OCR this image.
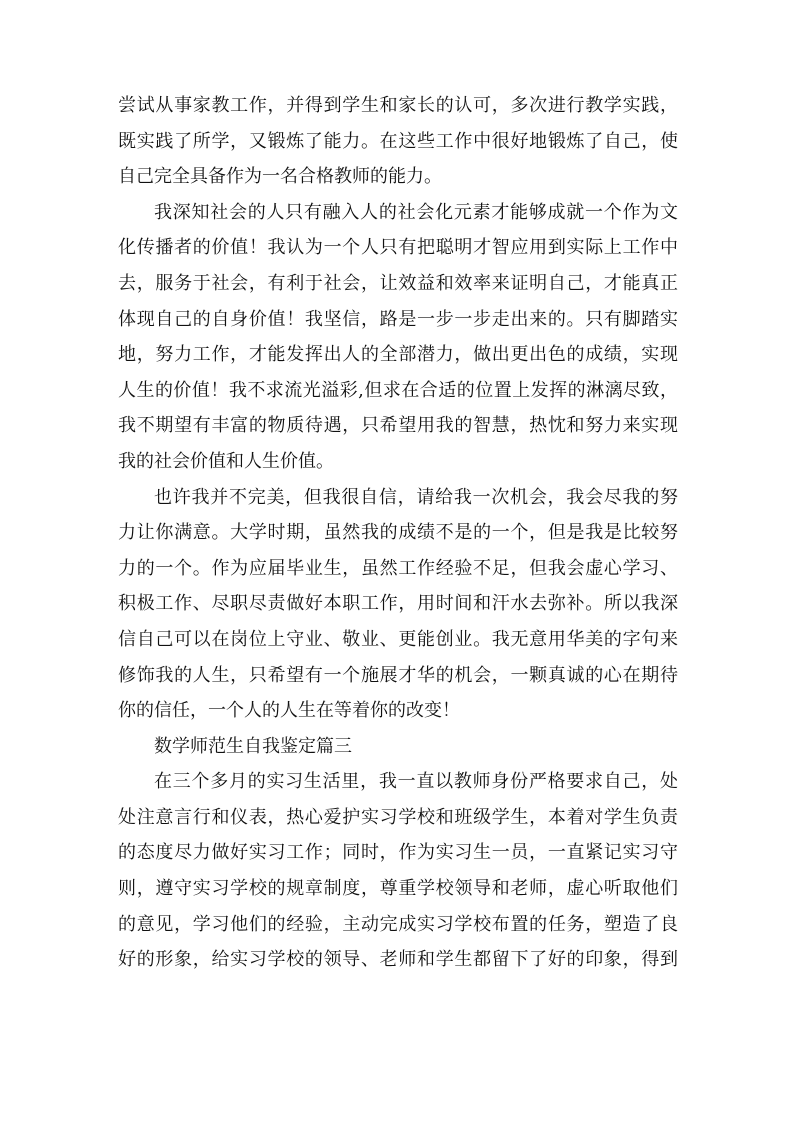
尝试从事家教工作，并得到学生和家长的认可，多次进行教学实践，
既实践了所学，又锻炼了能力。在这些工作中很好地锻炼了自己，使
自己完全具备作为一名合格教师的能力。
我深知社会的人只有融入人的社会化元素才能够成就一个作为文
化传播者的价值！我认为一个人只有把聪明才智应用到实际上工作中
去，服务于社会，有利于社会，让效益和效率来证明自己，才能真正
体现自己的自身价值！我坚信，路是一步一步走出来的。只有脚踏实
地，努力工作，才能发挥出人的全部潜力，做出更出色的成绩，实现
人生的价值！我不求流光溢彩,但求在合适的位置上发挥的淋漓尽致，
我不期望有丰富的物质待遇，只希望用我的智慧，热忱和努力来实现
我的社会价值和人生价值。
也许我并不完美，但我很自信，请给我一次机会，我会尽我的努
力让你满意。大学时期，虽然我的成绩不是的一个，但是我是比较努
力的一个。作为应届毕业生，虽然工作经验不足，但我会虚心学习、
积极工作、尽职尽责做好本职工作，用时间和汗水去弥补。所以我深
信自己可以在岗位上守业、敬业、更能创业。我无意用华美的字句来
修饰我的人生，只希望有一个施展才华的机会，一颗真诚的心在期待
你的信任，一个人的人生在等着你的改变！
数学师范生自我鉴定篇三
在三个多月的实习生活里，我一直以教师身份严格要求自己，处
处注意言行和仪表，热心爱护实习学校和班级学生，本着对学生负责
的态度尽力做好实习工作；同时，作为实习生一员，一直紧记实习守
则，遵守实习学校的规章制度，尊重学校领导和老师，虚心听取他们
的意见，学习他们的经验，主动完成实习学校布置的任务，塑造了良
好的形象，给实习学校的领导、老师和学生都留下了好的印象，得到
